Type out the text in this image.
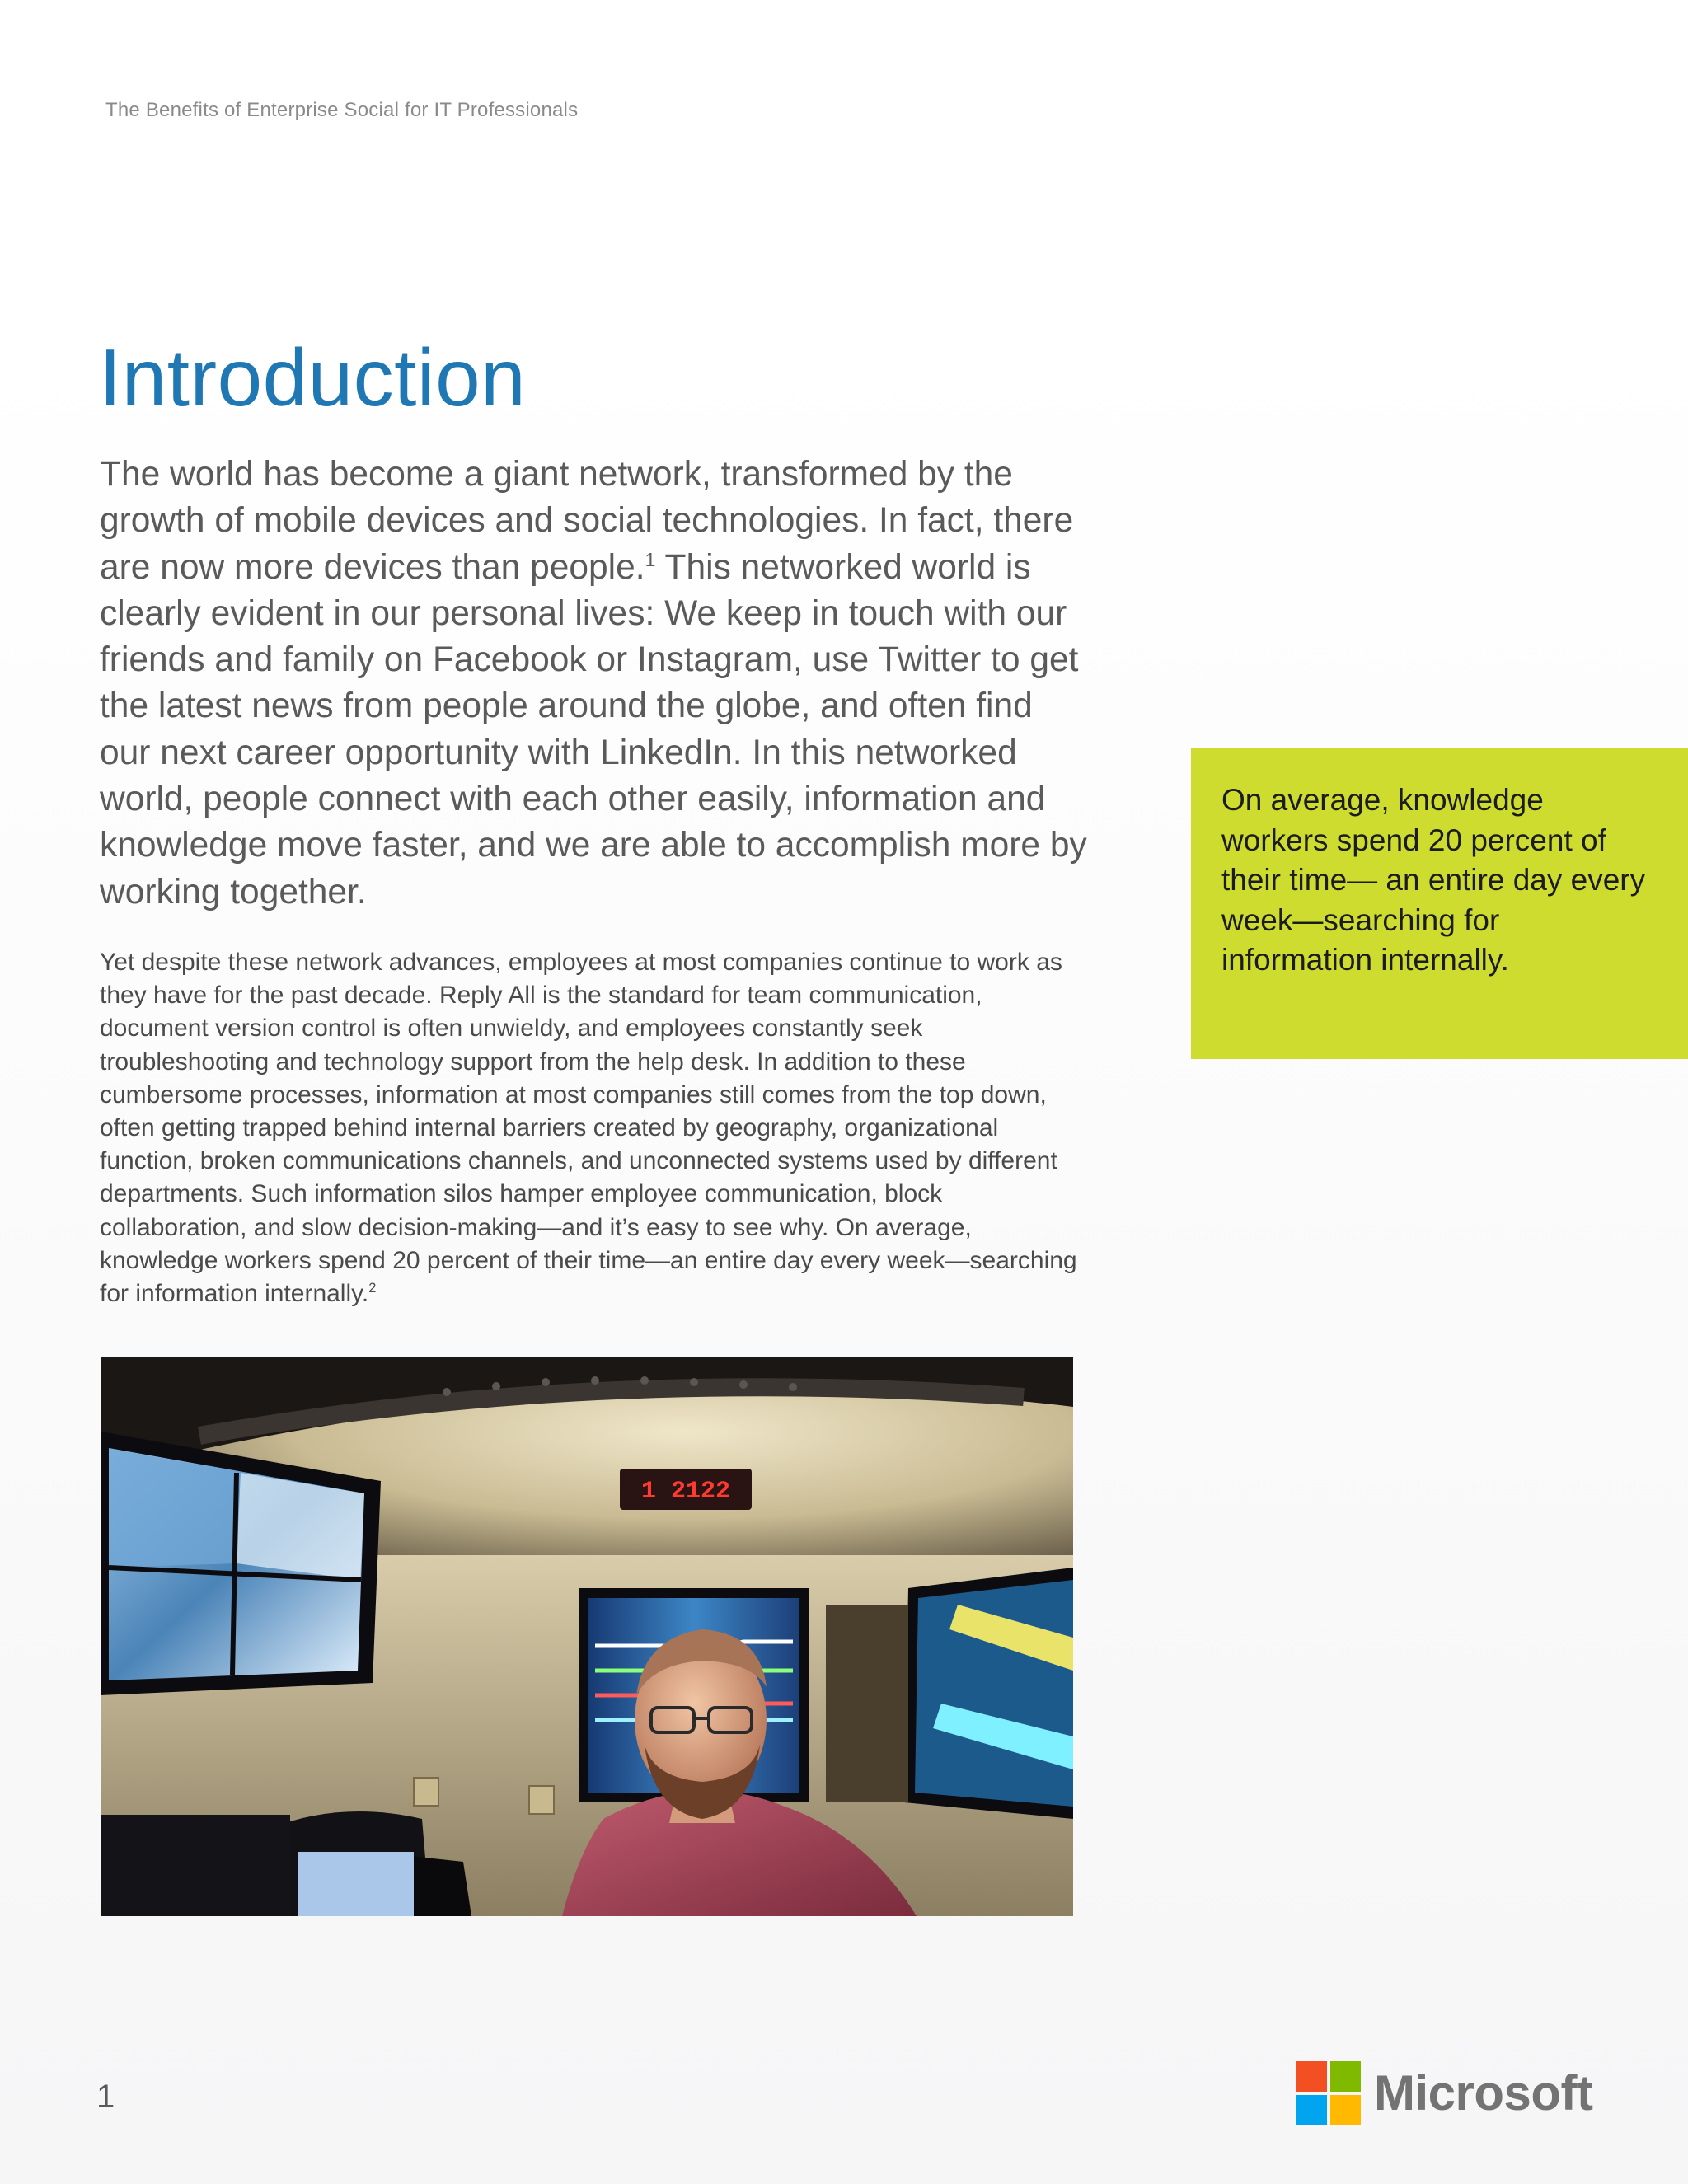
The Benefits of Enterprise Social for IT Professionals
Introduction

The world has become a giant network, transformed by the growth of mobile devices and social technologies. In fact, there are now more devices than people.$^1$ This networked world is clearly evident in our personal lives: We keep in touch with our friends and family on Facebook or Instagram, use Twitter to get the latest news from people around the globe, and often find our next career opportunity with LinkedIn. In this networked world, people connect with each other easily, information and knowledge move faster, and we are able to accomplish more by working together.

Yet despite these network advances, employees at most companies continue to work as they have for the past decade. Reply All is the standard for team communication, document version control is often unwieldy, and employees constantly seek troubleshooting and technology support from the help desk. In addition to these cumbersome processes, information at most companies still comes from the top down, often getting trapped behind internal barriers created by geography, organizational function, broken communications channels, and unconnected systems used by different departments. Such information silos hamper employee communication, block collaboration, and slow decision-making—and it’s easy to see why. On average, knowledge workers spend 20 percent of their time—an entire day every week—searching for information internally.$^2$

On average, knowledge workers spend 20 percent of their time— an entire day every week—searching for information internally.
1 2122
1	Microsoft
